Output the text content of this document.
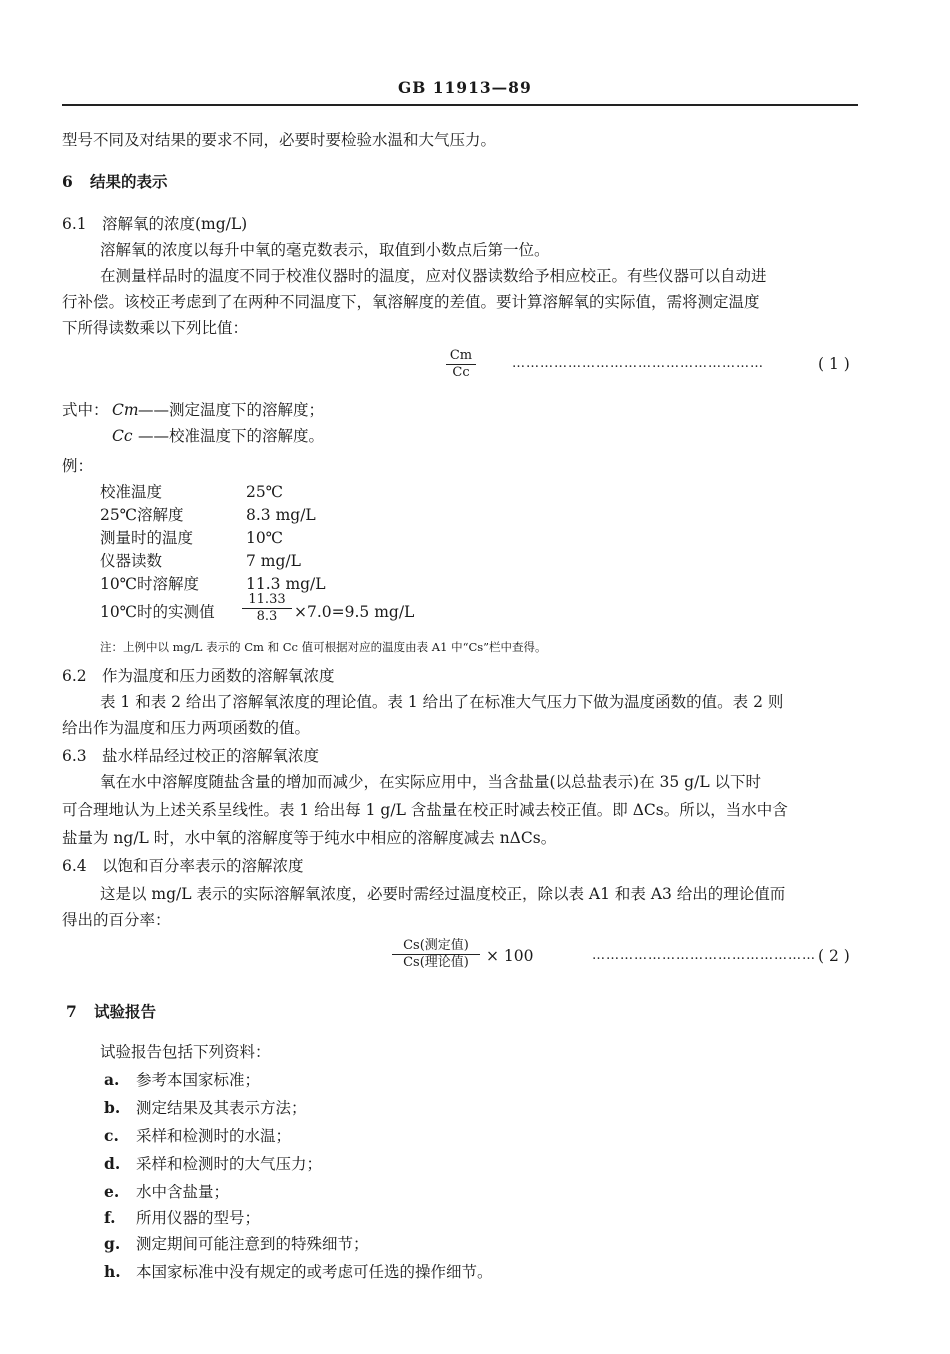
GB 11913—89
型号不同及对结果的要求不同，必要时要检验水温和大气压力。
6 结果的表示
6.1 溶解氧的浓度(mg/L)
溶解氧的浓度以每升中氧的毫克数表示，取值到小数点后第一位。
在测量样品时的温度不同于校准仪器时的温度，应对仪器读数给予相应校正。有些仪器可以自动进
行补偿。该校正考虑到了在两种不同温度下，氧溶解度的差值。要计算溶解氧的实际值，需将测定温度
下所得读数乘以下列比值：
$\frac{Cm}{Cc}$	………………………………………………	( 1 )
式中： Cm ——测定温度下的溶解度；
Cc ——校准温度下的溶解度。
例：
校准温度	25℃
25℃溶解度	8.3 mg/L
测量时的温度	10℃
仪器读数	7 mg/L
10℃时溶解度	11.3 mg/L
10℃时的实测值 $\frac{11.33}{8.3} \times 7.0=9.5$ mg/L
注：上例中以 mg/L 表示的 Cm 和 Cc 值可根据对应的温度由表 A1 中“Cs”栏中查得。
6.2 作为温度和压力函数的溶解氧浓度
表 1 和表 2 给出了溶解氧浓度的理论值。表 1 给出了在标准大气压力下做为温度函数的值。表 2 则
给出作为温度和压力两项函数的值。
6.3 盐水样品经过校正的溶解氧浓度
氧在水中溶解度随盐含量的增加而减少，在实际应用中，当含盐量(以总盐表示)在 35 g/L 以下时
可合理地认为上述关系呈线性。表 1 给出每 1 g/L 含盐量在校正时减去校正值。即 ΔCs。所以，当水中含
盐量为 ng/L 时，水中氧的溶解度等于纯水中相应的溶解度减去 nΔCs。
6.4 以饱和百分率表示的溶解浓度
这是以 mg/L 表示的实际溶解氧浓度，必要时需经过温度校正，除以表 A1 和表 A3 给出的理论值而
得出的百分率：
Cs(测定值)
Cs(理论值)	× 100	………………………………………… ( 2 )
7 试验报告
试验报告包括下列资料：
a. 参考本国家标准；
b. 测定结果及其表示方法；
c. 采样和检测时的水温；
d. 采样和检测时的大气压力；
e. 水中含盐量；
f. 所用仪器的型号；
g. 测定期间可能注意到的特殊细节；
h. 本国家标准中没有规定的或考虑可任选的操作细节。
